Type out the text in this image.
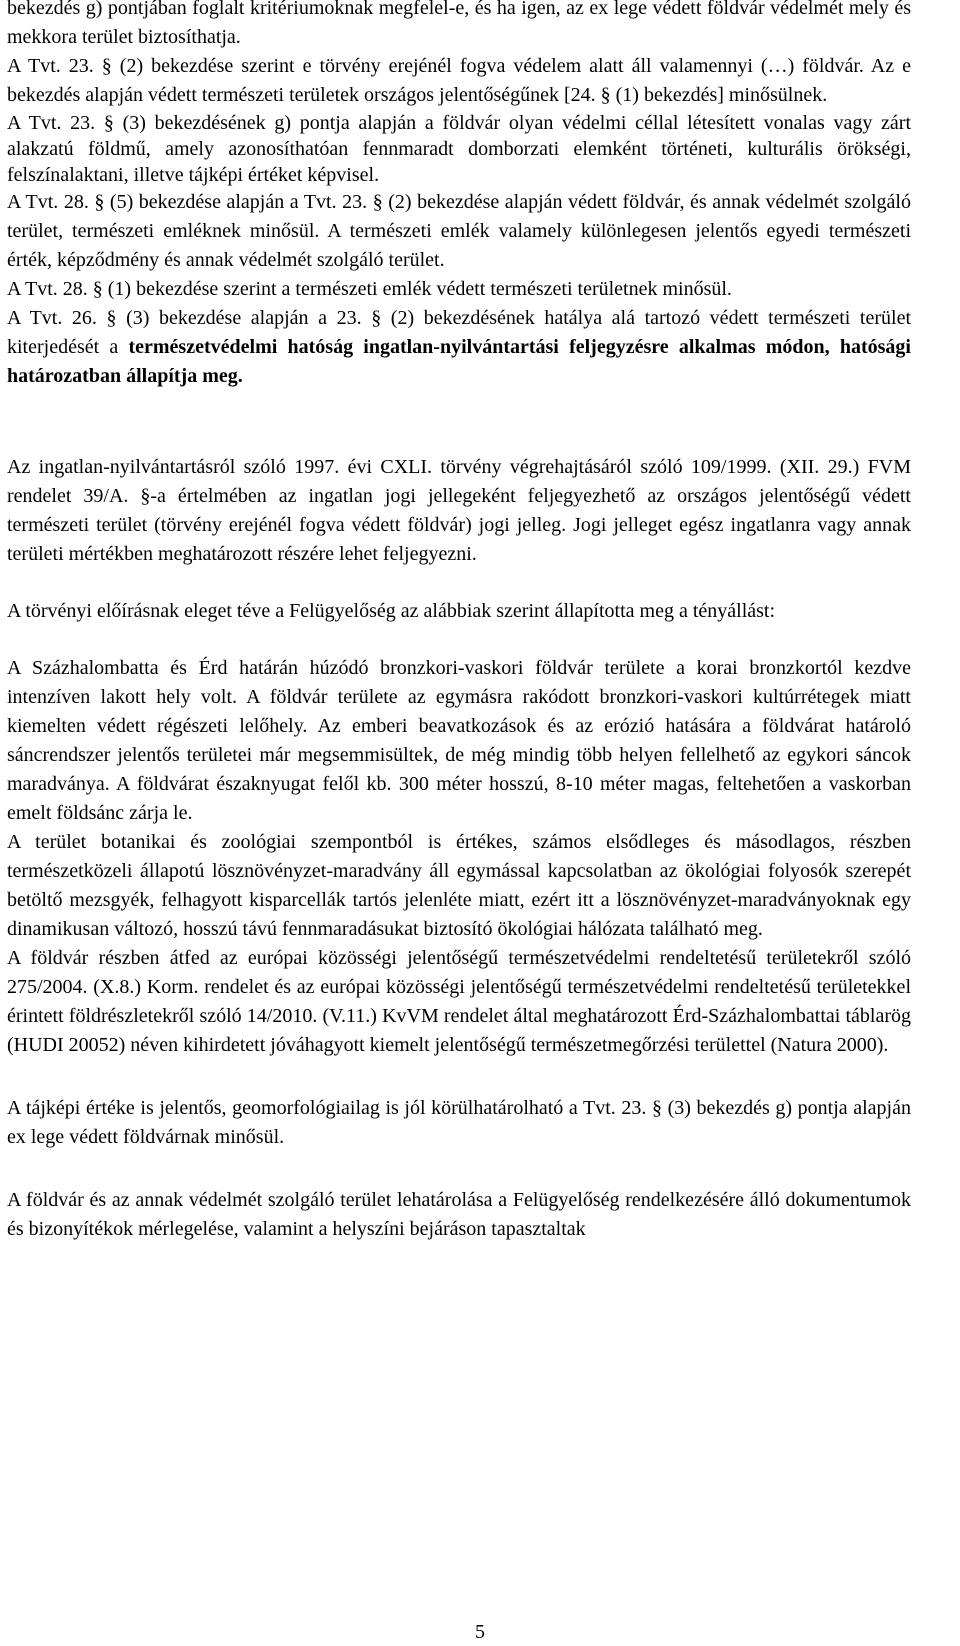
bekezdés g) pontjában foglalt kritériumoknak megfelel-e, és ha igen, az ex lege védett földvár védelmét mely és mekkora terület biztosíthatja.

A Tvt. 23. § (2) bekezdése szerint e törvény erejénél fogva védelem alatt áll valamennyi (…) földvár. Az e bekezdés alapján védett természeti területek országos jelentőségűnek [24. § (1) bekezdés] minősülnek.

A Tvt. 23. § (3) bekezdésének g) pontja alapján a földvár olyan védelmi céllal létesített vonalas vagy zárt alakzatú földmű, amely azonosíthatóan fennmaradt domborzati elemként történeti, kulturális örökségi, felszínalaktani, illetve tájképi értéket képvisel.

A Tvt. 28. § (5) bekezdése alapján a Tvt. 23. § (2) bekezdése alapján védett földvár, és annak védelmét szolgáló terület, természeti emléknek minősül. A természeti emlék valamely különlegesen jelentős egyedi természeti érték, képződmény és annak védelmét szolgáló terület.

A Tvt. 28. § (1) bekezdése szerint a természeti emlék védett természeti területnek minősül.

A Tvt. 26. § (3) bekezdése alapján a 23. § (2) bekezdésének hatálya alá tartozó védett természeti terület kiterjedését a természetvédelmi hatóság ingatlan-nyilvántartási feljegyzésre alkalmas módon, hatósági határozatban állapítja meg.

Az ingatlan-nyilvántartásról szóló 1997. évi CXLI. törvény végrehajtásáról szóló 109/1999. (XII. 29.) FVM rendelet 39/A. §-a értelmében az ingatlan jogi jellegeként feljegyezhető az országos jelentőségű védett természeti terület (törvény erejénél fogva védett földvár) jogi jelleg. Jogi jelleget egész ingatlanra vagy annak területi mértékben meghatározott részére lehet feljegyezni.

A törvényi előírásnak eleget téve a Felügyelőség az alábbiak szerint állapította meg a tényállást:

A Százhalombatta és Érd határán húzódó bronzkori-vaskori földvár területe a korai bronzkortól kezdve intenzíven lakott hely volt. A földvár területe az egymásra rakódott bronzkori-vaskori kultúrrétegek miatt kiemelten védett régészeti lelőhely. Az emberi beavatkozások és az erózió hatására a földvárat határoló sáncrendszer jelentős területei már megsemmisültek, de még mindig több helyen fellelhető az egykori sáncok maradványa. A földvárat északnyugat felől kb. 300 méter hosszú, 8-10 méter magas, feltehetően a vaskorban emelt földsánc zárja le.

A terület botanikai és zoológiai szempontból is értékes, számos elsődleges és másodlagos, részben természetközeli állapotú lösznövényzet-maradvány áll egymással kapcsolatban az ökológiai folyosók szerepét betöltő mezsgyék, felhagyott kisparcellák tartós jelenléte miatt, ezért itt a lösznövényzet-maradványoknak egy dinamikusan változó, hosszú távú fennmaradásukat biztosító ökológiai hálózata található meg.

A földvár részben átfed az európai közösségi jelentőségű természetvédelmi rendeltetésű területekről szóló 275/2004. (X.8.) Korm. rendelet és az európai közösségi jelentőségű természetvédelmi rendeltetésű területekkel érintett földrészletekről szóló 14/2010. (V.11.) KvVM rendelet által meghatározott Érd-Százhalombattai táblarög (HUDI 20052) néven kihirdetett jóváhagyott kiemelt jelentőségű természetmegőrzési területtel (Natura 2000).

A tájképi értéke is jelentős, geomorfológiailag is jól körülhatárolható a Tvt. 23. § (3) bekezdés g) pontja alapján ex lege védett földvárnak minősül.

A földvár és az annak védelmét szolgáló terület lehatárolása a Felügyelőség rendelkezésére álló dokumentumok és bizonyítékok mérlegelése, valamint a helyszíni bejáráson tapasztaltak

5
